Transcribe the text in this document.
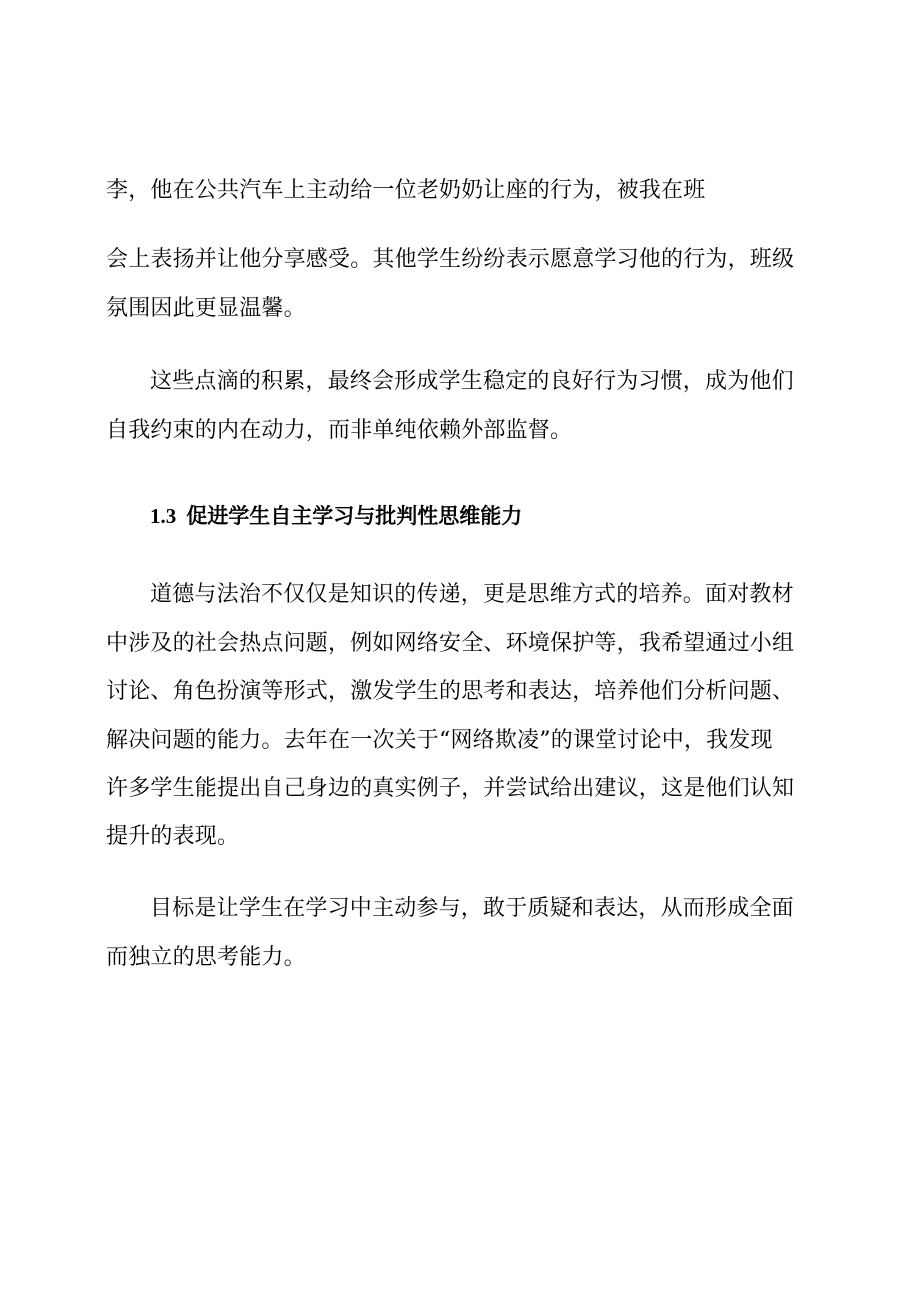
李，他在公共汽车上主动给一位老奶奶让座的行为，被我在班
会上表扬并让他分享感受。其他学生纷纷表示愿意学习他的行为，班级
氛围因此更显温馨。
这些点滴的积累，最终会形成学生稳定的良好行为习惯，成为他们
自我约束的内在动力，而非单纯依赖外部监督。
1.3 促进学生自主学习与批判性思维能力
道德与法治不仅仅是知识的传递，更是思维方式的培养。面对教材
中涉及的社会热点问题，例如网络安全、环境保护等，我希望通过小组
讨论、角色扮演等形式，激发学生的思考和表达，培养他们分析问题、
解决问题的能力。去年在一次关于“网络欺凌”的课堂讨论中，我发现
许多学生能提出自己身边的真实例子，并尝试给出建议，这是他们认知
提升的表现。
目标是让学生在学习中主动参与，敢于质疑和表达，从而形成全面
而独立的思考能力。
